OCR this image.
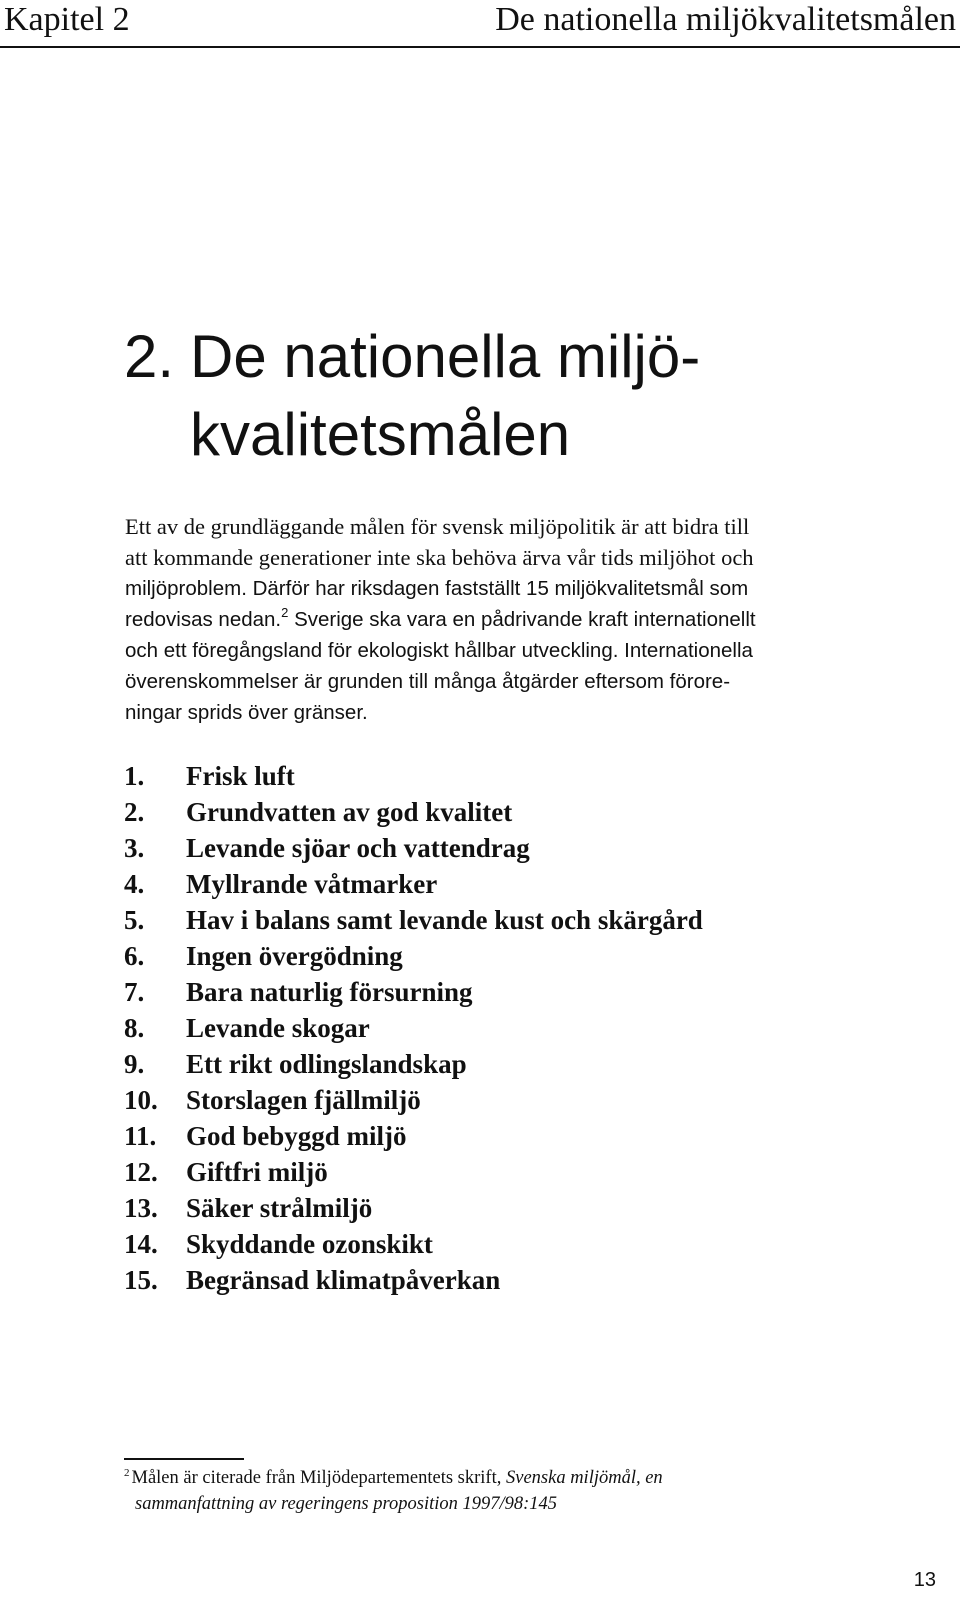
Kapitel 2	De nationella miljökvalitetsmålen
2. De nationella miljö-
kvalitetsmålen

Ett av de grundläggande målen för svensk miljöpolitik är att bidra till
att kommande generationer inte ska behöva ärva vår tids miljöhot och
miljöproblem. Därför har riksdagen fastställt 15 miljökvalitetsmål som
redovisas nedan.$^2$ Sverige ska vara en pådrivande kraft internationellt
och ett föregångsland för ekologiskt hållbar utveckling. Internationella
överenskommelser är grunden till många åtgärder eftersom förore-
ningar sprids över gränser.

1.	Frisk luft
2.	Grundvatten av god kvalitet
3.	Levande sjöar och vattendrag
4.	Myllrande våtmarker
5.	Hav i balans samt levande kust och skärgård
6.	Ingen övergödning
7.	Bara naturlig försurning
8.	Levande skogar
9.	Ett rikt odlingslandskap
10.	Storslagen fjällmiljö
11.	God bebyggd miljö
12.	Giftfri miljö
13.	Säker strålmiljö
14.	Skyddande ozonskikt
15.	Begränsad klimatpåverkan
$^2$ Målen är citerade från Miljödepartementets skrift, Svenska miljömål, en
sammanfattning av regeringens proposition 1997/98:145
13
